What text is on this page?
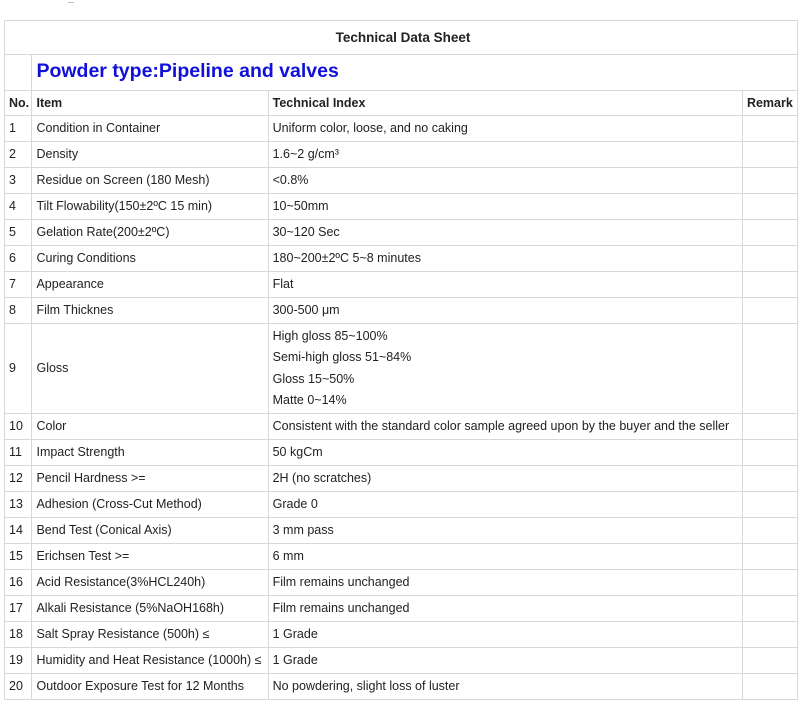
Technical Data Sheet			
	Powder type:Pipeline and valves		
No.	Item	Technical Index	Remark
1	Condition in Container	Uniform color, loose, and no caking	
2	Density	1.6~2 g/cm³	
3	Residue on Screen (180 Mesh)	<0.8%	
4	Tilt Flowability(150±2ºC 15 min)	10~50mm	
5	Gelation Rate(200±2ºC)	30~120 Sec	
6	Curing Conditions	180~200±2ºC 5~8 minutes	
7	Appearance	Flat	
8	Film Thicknes	300-500 μm	
9	Gloss	High gloss 85~100%
Semi-high gloss 51~84%
Gloss 15~50%
Matte 0~14%	

10	Color	Consistent with the standard color sample agreed upon by the buyer and the seller	
11	Impact Strength	50 kgCm	
12	Pencil Hardness >=	2H (no scratches)	
13	Adhesion (Cross-Cut Method)	Grade 0	
14	Bend Test (Conical Axis)	3 mm pass	
15	Erichsen Test >=	6 mm	
16	Acid Resistance(3%HCL240h)	Film remains unchanged	
17	Alkali Resistance (5%NaOH168h)	Film remains unchanged	
18	Salt Spray Resistance (500h) ≤	1 Grade	
19	Humidity and Heat Resistance (1000h) ≤	1 Grade	
20	Outdoor Exposure Test for 12 Months	No powdering, slight loss of luster	
